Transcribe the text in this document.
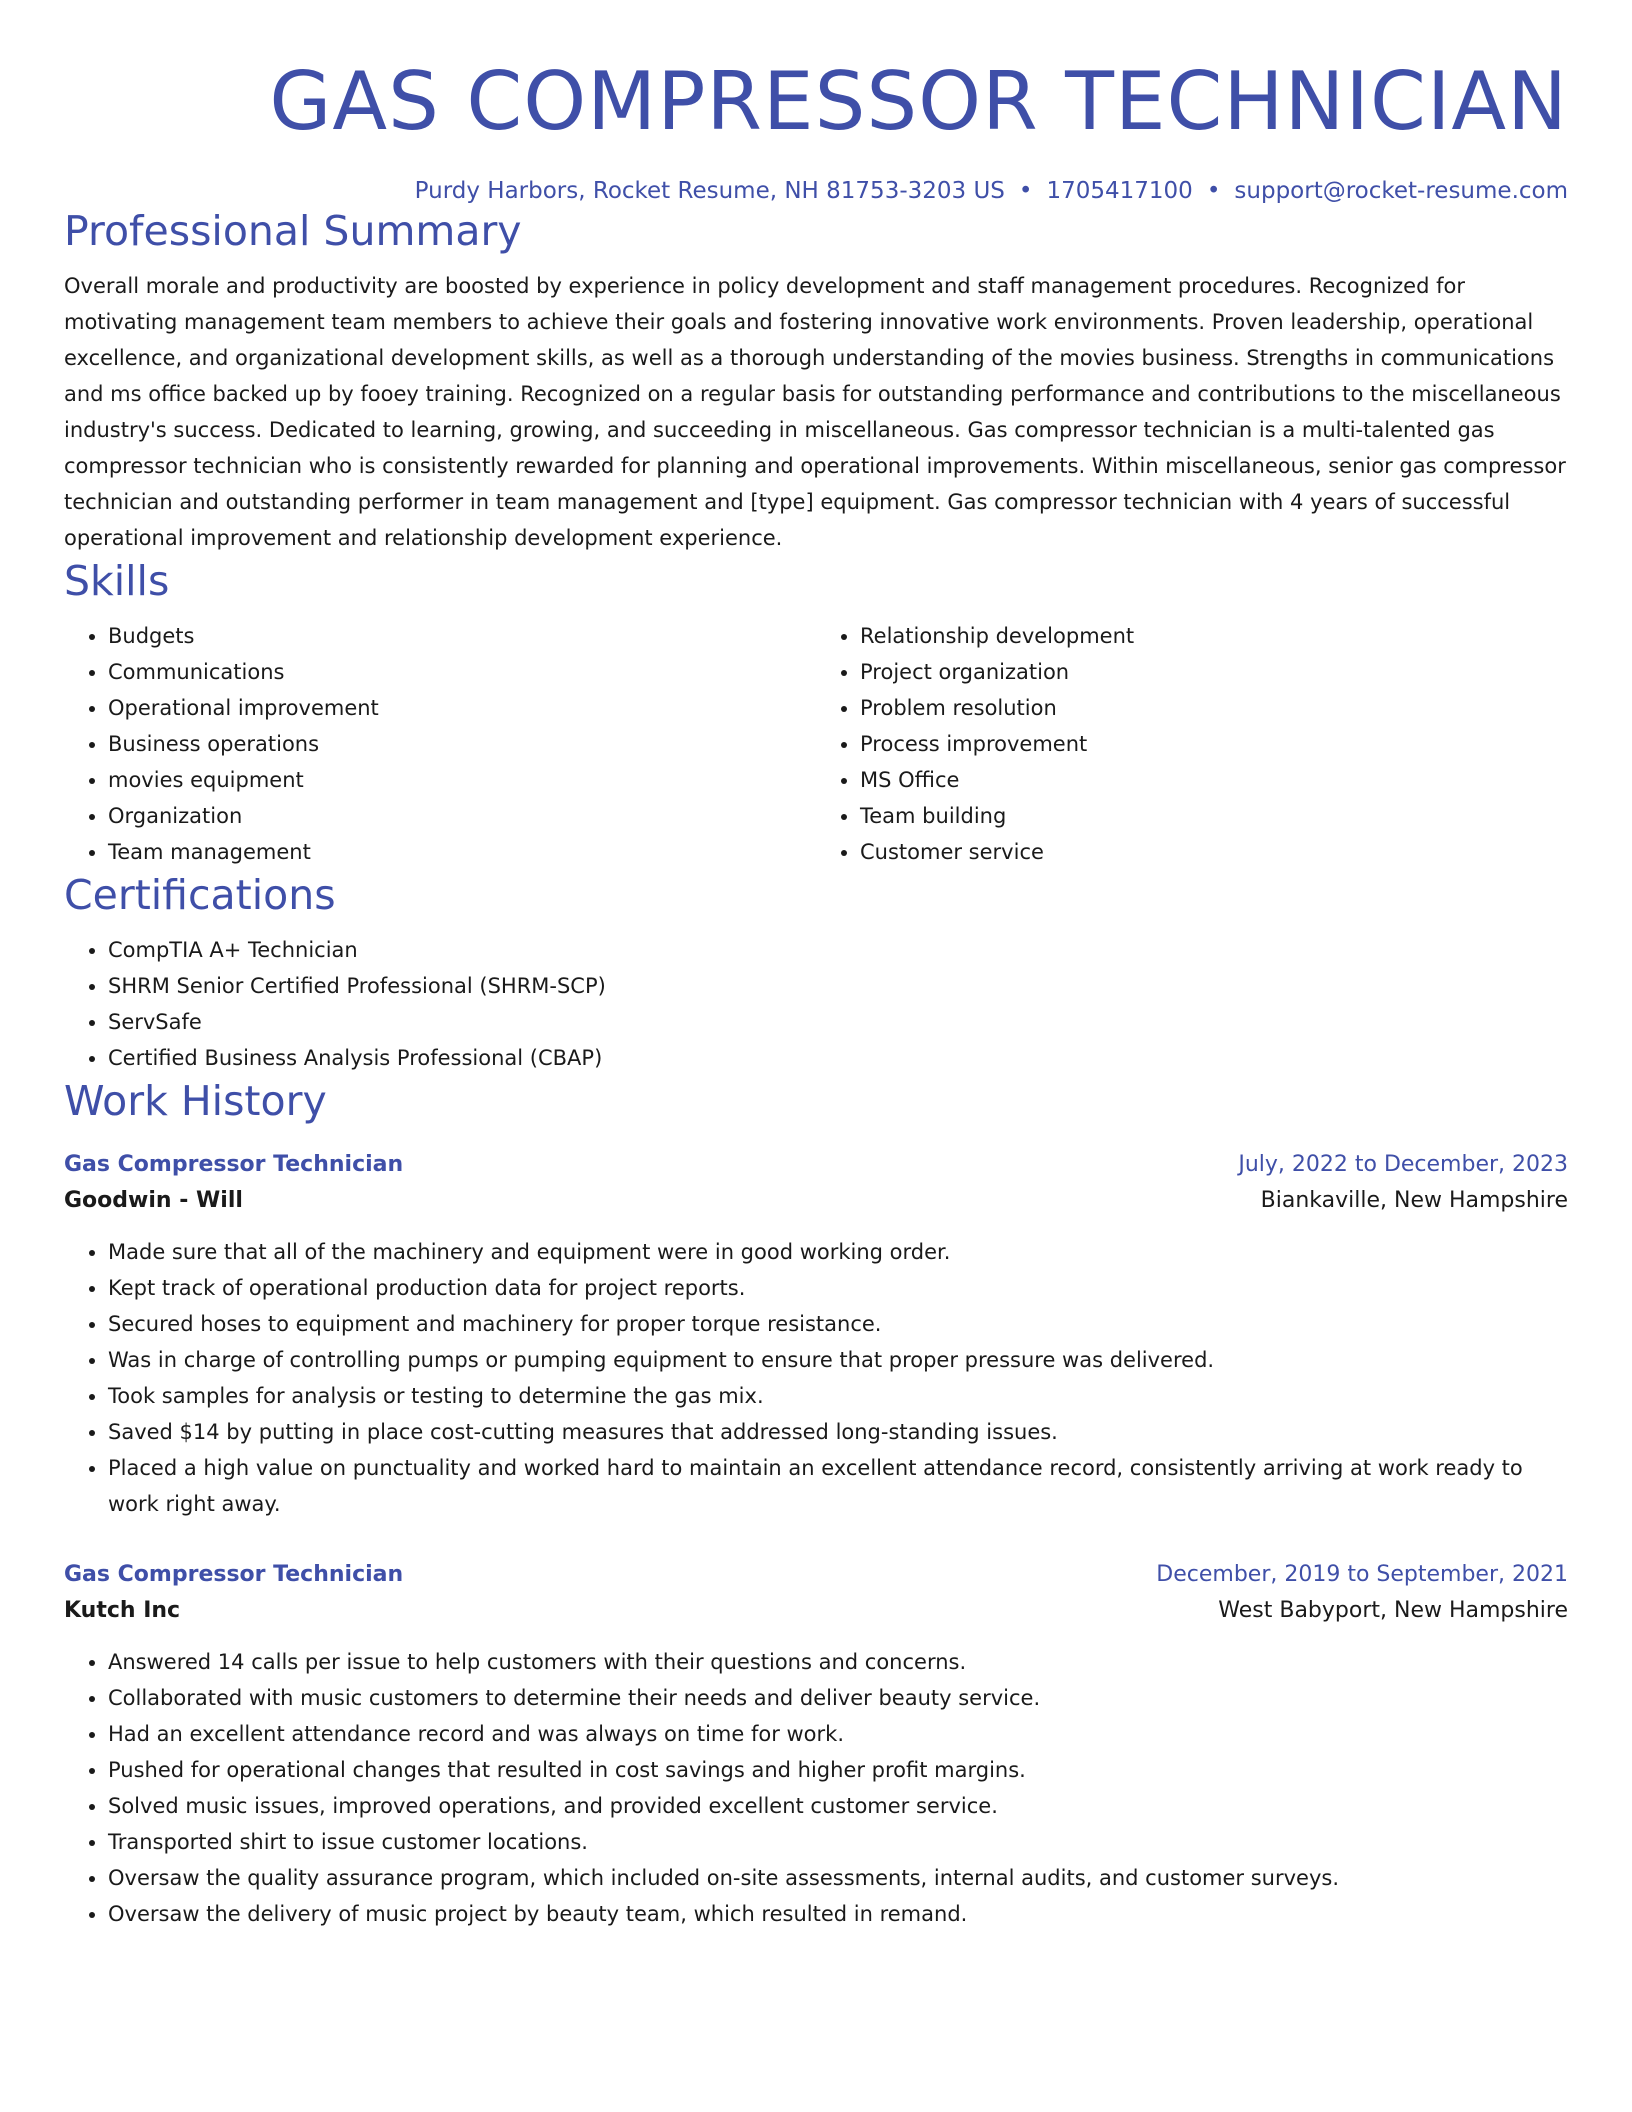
GAS COMPRESSOR TECHNICIAN
Purdy Harbors, Rocket Resume, NH 81753-3203 US • 1705417100 • support@rocket-resume.com
Professional Summary
Overall morale and productivity are boosted by experience in policy development and staff management procedures. Recognized for motivating management team members to achieve their goals and fostering innovative work environments. Proven leadership, operational excellence, and organizational development skills, as well as a thorough understanding of the movies business. Strengths in communications and ms office backed up by fooey training. Recognized on a regular basis for outstanding performance and contributions to the miscellaneous industry's success. Dedicated to learning, growing, and succeeding in miscellaneous. Gas compressor technician is a multi-talented gas compressor technician who is consistently rewarded for planning and operational improvements. Within miscellaneous, senior gas compressor technician and outstanding performer in team management and [type] equipment. Gas compressor technician with 4 years of successful operational improvement and relationship development experience.
Skills
• Budgets
• Communications
• Operational improvement
• Business operations
• movies equipment
• Organization
• Team management
• Relationship development
• Project organization
• Problem resolution
• Process improvement
• MS Office
• Team building
• Customer service
Certifications
• CompTIA A+ Technician
• SHRM Senior Certified Professional (SHRM-SCP)
• ServSafe
• Certified Business Analysis Professional (CBAP)
Work History
Gas Compressor Technician	July, 2022 to December, 2023
Goodwin - Will	Biankaville, New Hampshire
• Made sure that all of the machinery and equipment were in good working order.
• Kept track of operational production data for project reports.
• Secured hoses to equipment and machinery for proper torque resistance.
• Was in charge of controlling pumps or pumping equipment to ensure that proper pressure was delivered.
• Took samples for analysis or testing to determine the gas mix.
• Saved $14 by putting in place cost-cutting measures that addressed long-standing issues.
• Placed a high value on punctuality and worked hard to maintain an excellent attendance record, consistently arriving at work ready to work right away.
Gas Compressor Technician	December, 2019 to September, 2021
Kutch Inc	West Babyport, New Hampshire
• Answered 14 calls per issue to help customers with their questions and concerns.
• Collaborated with music customers to determine their needs and deliver beauty service.
• Had an excellent attendance record and was always on time for work.
• Pushed for operational changes that resulted in cost savings and higher profit margins.
• Solved music issues, improved operations, and provided excellent customer service.
• Transported shirt to issue customer locations.
• Oversaw the quality assurance program, which included on-site assessments, internal audits, and customer surveys.
• Oversaw the delivery of music project by beauty team, which resulted in remand.
